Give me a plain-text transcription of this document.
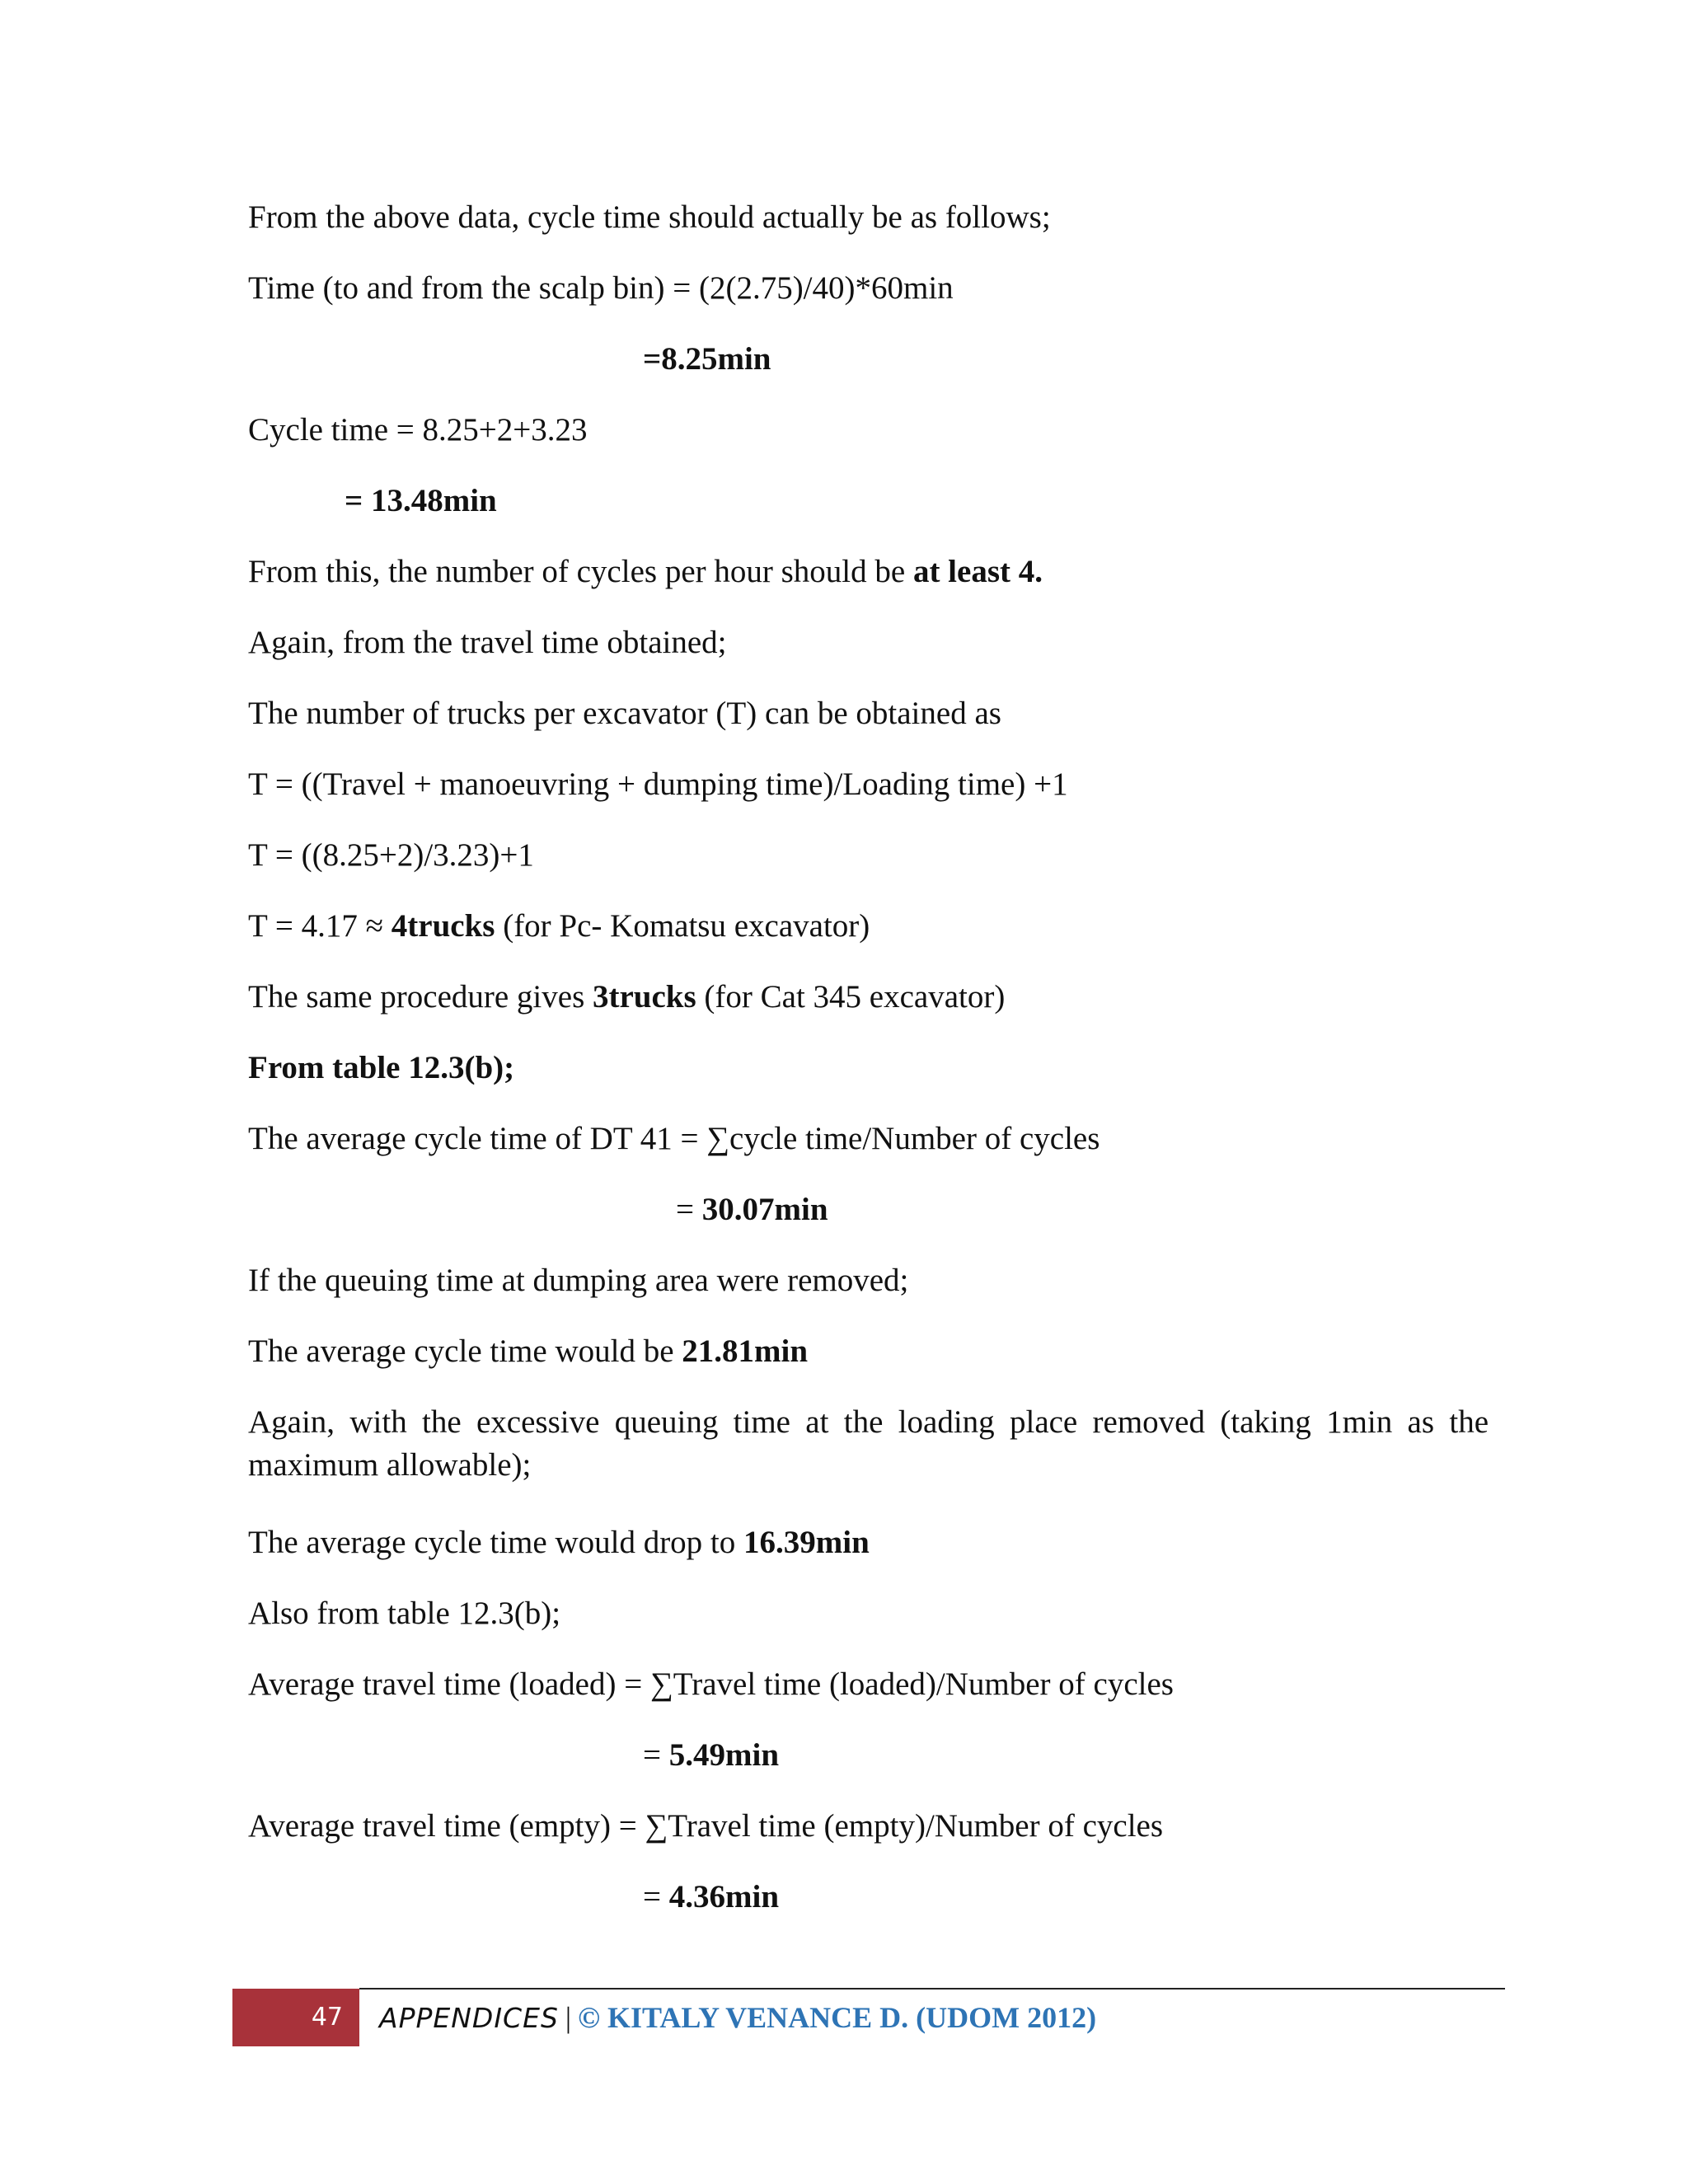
From the above data, cycle time should actually be as follows;
Time (to and from the scalp bin) = (2(2.75)/40)*60min
=8.25min
Cycle time = 8.25+2+3.23
= 13.48min
From this, the number of cycles per hour should be at least 4.
Again, from the travel time obtained;
The number of trucks per excavator (T) can be obtained as
T = ((Travel + manoeuvring + dumping time)/Loading time) +1
T = ((8.25+2)/3.23)+1
T = 4.17 ≈ 4trucks (for Pc- Komatsu excavator)
The same procedure gives 3trucks (for Cat 345 excavator)
From table 12.3(b);
The average cycle time of DT 41 = ∑cycle time/Number of cycles
= 30.07min
If the queuing time at dumping area were removed;
The average cycle time would be 21.81min
Again, with the excessive queuing time at the loading place removed (taking 1min as the
maximum allowable);
The average cycle time would drop to 16.39min
Also from table 12.3(b);
Average travel time (loaded) = ∑Travel time (loaded)/Number of cycles
= 5.49min
Average travel time (empty) = ∑Travel time (empty)/Number of cycles
= 4.36min
47	APPENDICES | © KITALY VENANCE D. (UDOM 2012)
